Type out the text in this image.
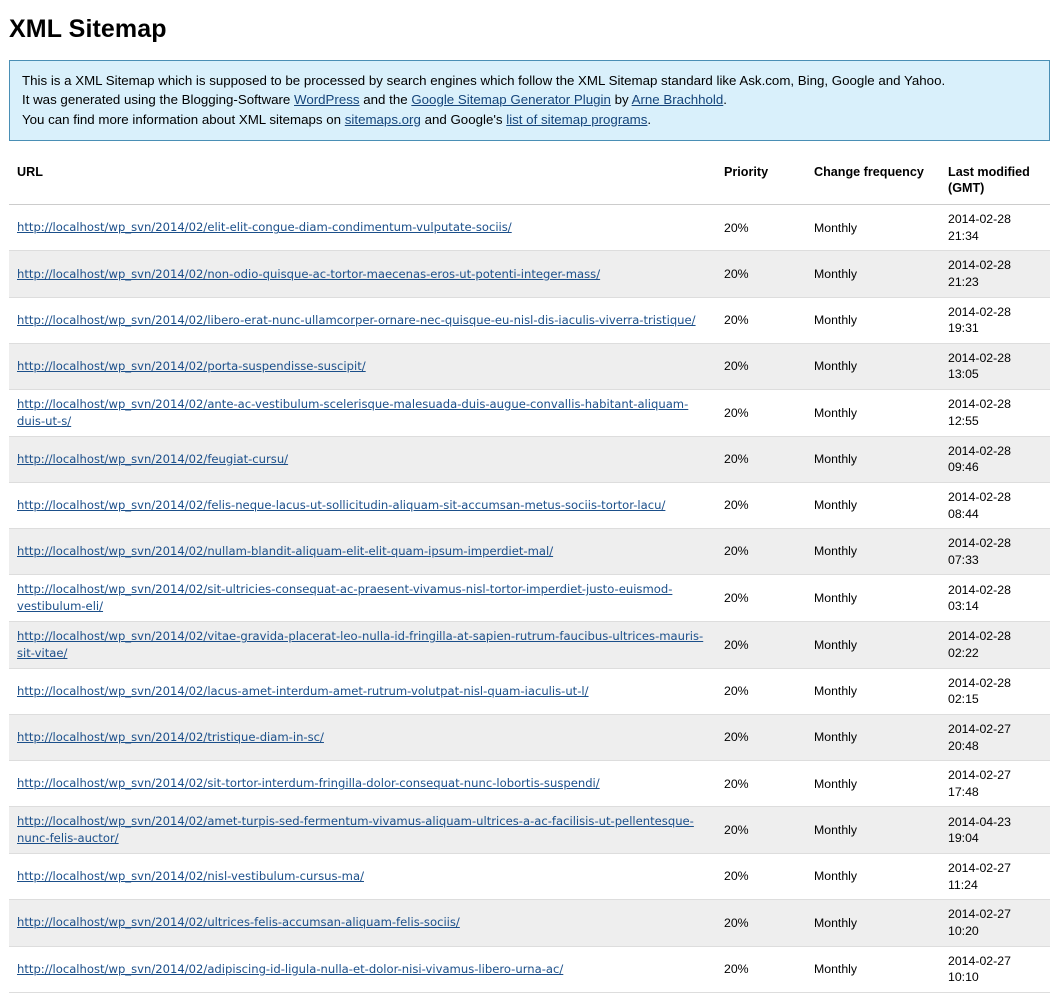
XML Sitemap
This is a XML Sitemap which is supposed to be processed by search engines which follow the XML Sitemap standard like Ask.com, Bing, Google and Yahoo.
It was generated using the Blogging-Software WordPress and the Google Sitemap Generator Plugin by Arne Brachhold.
You can find more information about XML sitemaps on sitemaps.org and Google's list of sitemap programs.
URL	Priority	Change frequency	Last modified (GMT)
http://localhost/wp_svn/2014/02/elit-elit-congue-diam-condimentum-vulputate-sociis/	20%	Monthly	2014-02-28 21:34
http://localhost/wp_svn/2014/02/non-odio-quisque-ac-tortor-maecenas-eros-ut-potenti-integer-mass/	20%	Monthly	2014-02-28 21:23
http://localhost/wp_svn/2014/02/libero-erat-nunc-ullamcorper-ornare-nec-quisque-eu-nisl-dis-iaculis-viverra-tristique/	20%	Monthly	2014-02-28 19:31
http://localhost/wp_svn/2014/02/porta-suspendisse-suscipit/	20%	Monthly	2014-02-28 13:05
http://localhost/wp_svn/2014/02/ante-ac-vestibulum-scelerisque-malesuada-duis-augue-convallis-habitant-aliquam-duis-ut-s/	20%	Monthly	2014-02-28 12:55
http://localhost/wp_svn/2014/02/feugiat-cursu/	20%	Monthly	2014-02-28 09:46
http://localhost/wp_svn/2014/02/felis-neque-lacus-ut-sollicitudin-aliquam-sit-accumsan-metus-sociis-tortor-lacu/	20%	Monthly	2014-02-28 08:44
http://localhost/wp_svn/2014/02/nullam-blandit-aliquam-elit-elit-quam-ipsum-imperdiet-mal/	20%	Monthly	2014-02-28 07:33
http://localhost/wp_svn/2014/02/sit-ultricies-consequat-ac-praesent-vivamus-nisl-tortor-imperdiet-justo-euismod-vestibulum-eli/	20%	Monthly	2014-02-28 03:14
http://localhost/wp_svn/2014/02/vitae-gravida-placerat-leo-nulla-id-fringilla-at-sapien-rutrum-faucibus-ultrices-mauris-sit-vitae/	20%	Monthly	2014-02-28 02:22
http://localhost/wp_svn/2014/02/lacus-amet-interdum-amet-rutrum-volutpat-nisl-quam-iaculis-ut-l/	20%	Monthly	2014-02-28 02:15
http://localhost/wp_svn/2014/02/tristique-diam-in-sc/	20%	Monthly	2014-02-27 20:48
http://localhost/wp_svn/2014/02/sit-tortor-interdum-fringilla-dolor-consequat-nunc-lobortis-suspendi/	20%	Monthly	2014-02-27 17:48
http://localhost/wp_svn/2014/02/amet-turpis-sed-fermentum-vivamus-aliquam-ultrices-a-ac-facilisis-ut-pellentesque-nunc-felis-auctor/	20%	Monthly	2014-04-23 19:04
http://localhost/wp_svn/2014/02/nisl-vestibulum-cursus-ma/	20%	Monthly	2014-02-27 11:24
http://localhost/wp_svn/2014/02/ultrices-felis-accumsan-aliquam-felis-sociis/	20%	Monthly	2014-02-27 10:20
http://localhost/wp_svn/2014/02/adipiscing-id-ligula-nulla-et-dolor-nisi-vivamus-libero-urna-ac/	20%	Monthly	2014-02-27 10:10
